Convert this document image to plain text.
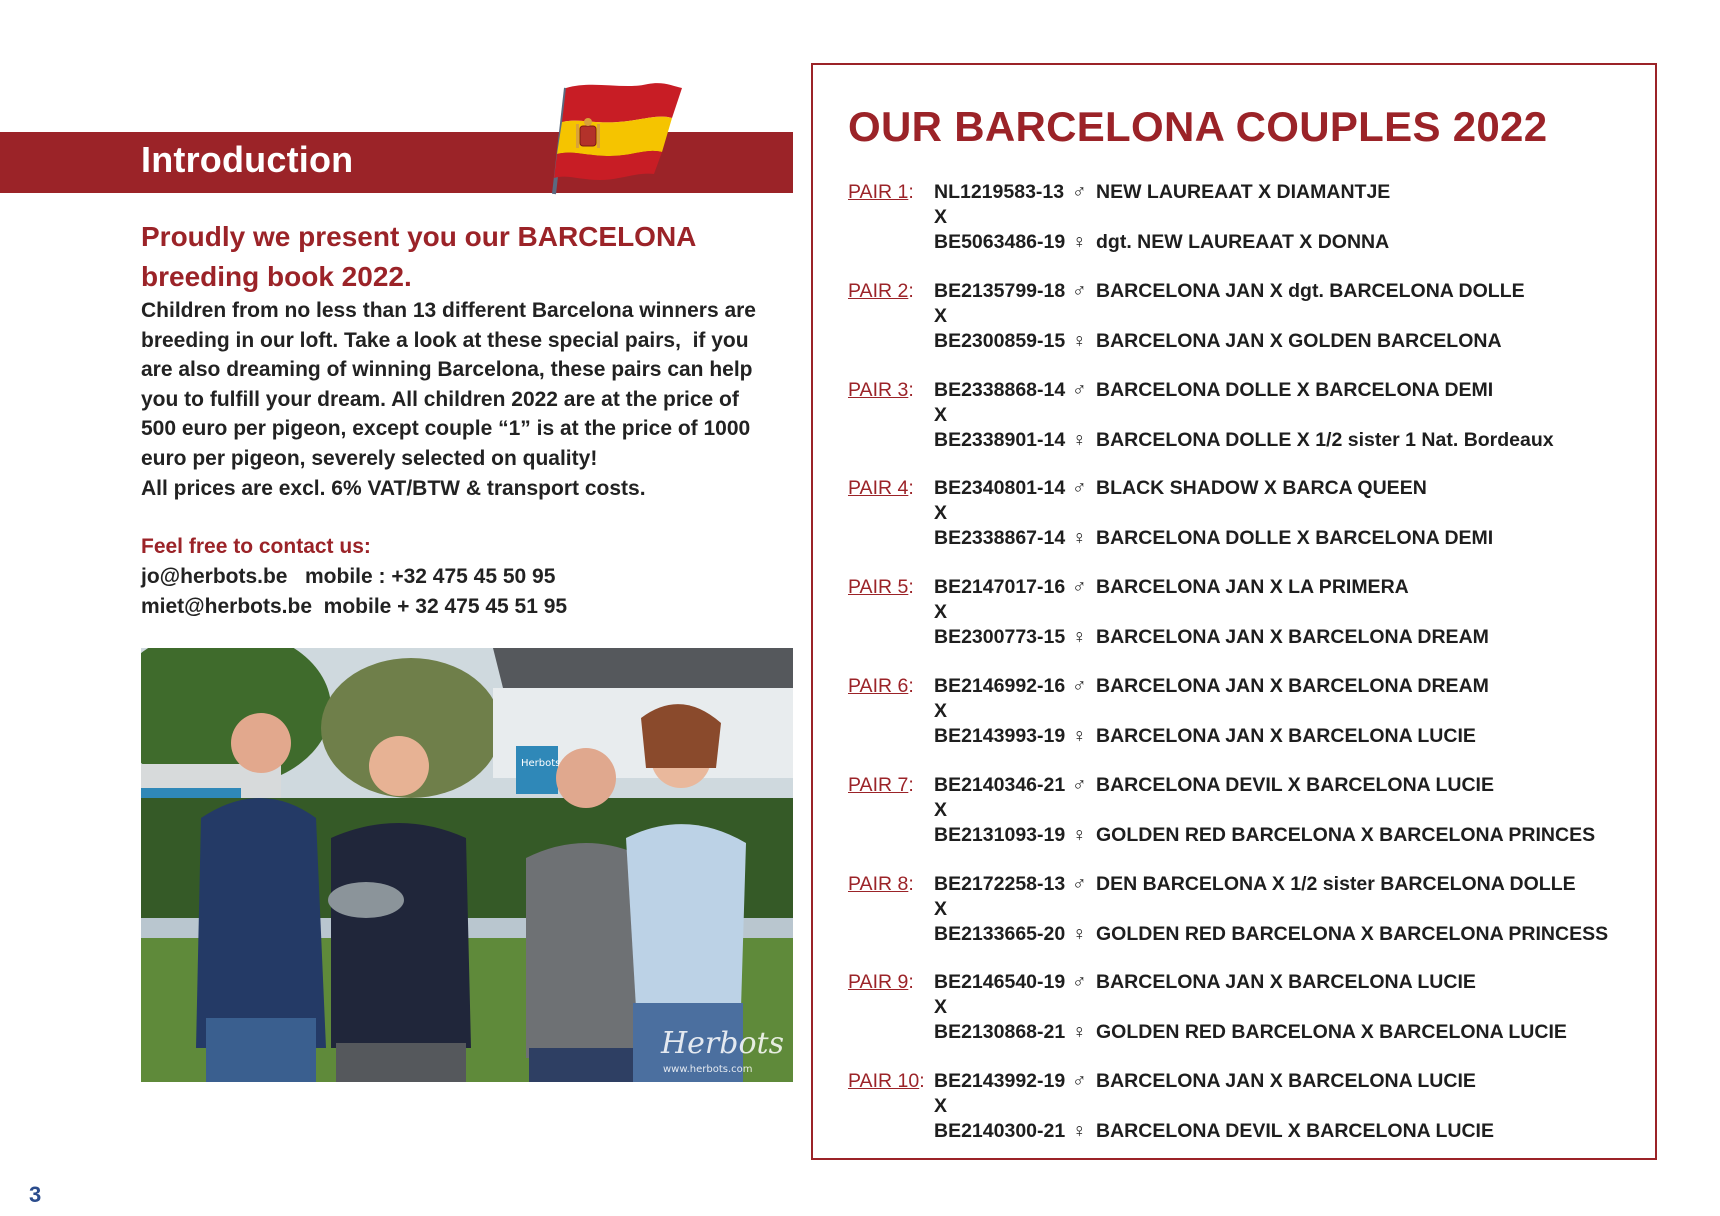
Introduction
Proudly we present you our BARCELONA
breeding book 2022.

Children from no less than 13 different Barcelona winners are

breeding in our loft. Take a look at these special pairs,  if you

are also dreaming of winning Barcelona, these pairs can help

you to fulfill your dream. All children 2022 are at the price of

500 euro per pigeon, except couple “1” is at the price of 1000

euro per pigeon, severely selected on quality!

All prices are excl. 6% VAT/BTW & transport costs.

Feel free to contact us:
jo@herbots.be   mobile : +32 475 45 50 95
miet@herbots.be  mobile + 32 475 45 51 95
Herbots
Herbots
www.herbots.com
3
OUR BARCELONA COUPLES 2022
PAIR 1: NL1219583-13 ♂ NEW LAUREAAT X DIAMANTJE
X
BE5063486-19 ♀ dgt. NEW LAUREAAT X DONNA
PAIR 2: BE2135799-18 ♂ BARCELONA JAN X dgt. BARCELONA DOLLE
X
BE2300859-15 ♀ BARCELONA JAN X GOLDEN BARCELONA
PAIR 3: BE2338868-14 ♂ BARCELONA DOLLE X BARCELONA DEMI
X
BE2338901-14 ♀ BARCELONA DOLLE X 1/2 sister 1 Nat. Bordeaux
PAIR 4: BE2340801-14 ♂ BLACK SHADOW X BARCA QUEEN
X
BE2338867-14 ♀ BARCELONA DOLLE X BARCELONA DEMI
PAIR 5: BE2147017-16 ♂ BARCELONA JAN X LA PRIMERA
X
BE2300773-15 ♀ BARCELONA JAN X BARCELONA DREAM
PAIR 6: BE2146992-16 ♂ BARCELONA JAN X BARCELONA DREAM
X
BE2143993-19 ♀ BARCELONA JAN X BARCELONA LUCIE
PAIR 7: BE2140346-21 ♂ BARCELONA DEVIL X BARCELONA LUCIE
X
BE2131093-19 ♀ GOLDEN RED BARCELONA X BARCELONA PRINCES
PAIR 8: BE2172258-13 ♂ DEN BARCELONA X 1/2 sister BARCELONA DOLLE
X
BE2133665-20 ♀ GOLDEN RED BARCELONA X BARCELONA PRINCESS
PAIR 9: BE2146540-19 ♂ BARCELONA JAN X BARCELONA LUCIE
X
BE2130868-21 ♀ GOLDEN RED BARCELONA X BARCELONA LUCIE
PAIR 10: BE2143992-19 ♂ BARCELONA JAN X BARCELONA LUCIE
X
BE2140300-21 ♀ BARCELONA DEVIL X BARCELONA LUCIE
